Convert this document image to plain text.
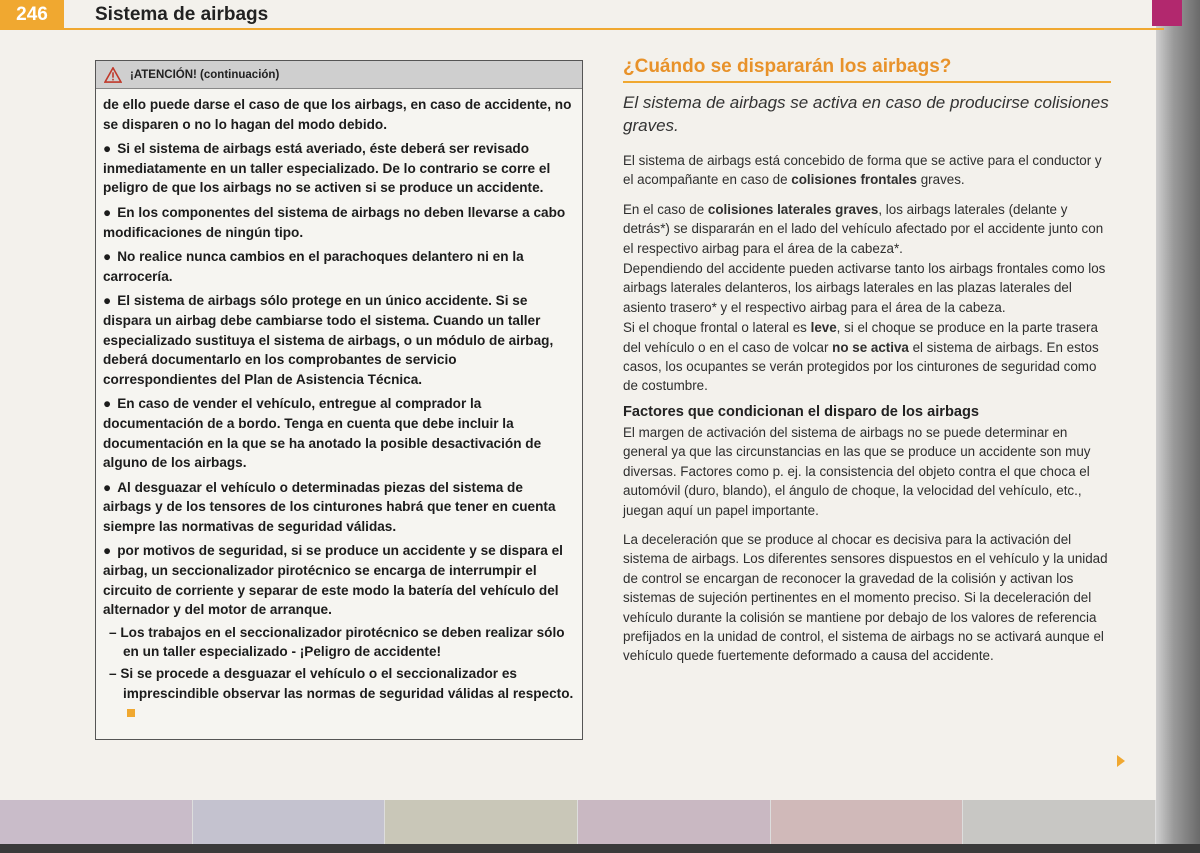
246	Sistema de airbags
¡ATENCIÓN! (continuación)

de ello puede darse el caso de que los airbags, en caso de accidente, no se disparen o no lo hagan del modo debido.

● Si el sistema de airbags está averiado, éste deberá ser revisado inmediatamente en un taller especializado. De lo contrario se corre el peligro de que los airbags no se activen si se produce un accidente.

● En los componentes del sistema de airbags no deben llevarse a cabo modificaciones de ningún tipo.

● No realice nunca cambios en el parachoques delantero ni en la carrocería.

● El sistema de airbags sólo protege en un único accidente. Si se dispara un airbag debe cambiarse todo el sistema. Cuando un taller especializado sustituya el sistema de airbags, o un módulo de airbag, deberá documentarlo en los comprobantes de servicio correspondientes del Plan de Asistencia Técnica.

● En caso de vender el vehículo, entregue al comprador la documentación de a bordo. Tenga en cuenta que debe incluir la documentación en la que se ha anotado la posible desactivación de alguno de los airbags.

● Al desguazar el vehículo o determinadas piezas del sistema de airbags y de los tensores de los cinturones habrá que tener en cuenta siempre las normativas de seguridad válidas.

● por motivos de seguridad, si se produce un accidente y se dispara el airbag, un seccionalizador pirotécnico se encarga de interrumpir el circuito de corriente y separar de este modo la batería del vehículo del alternador y del motor de arranque.

– Los trabajos en el seccionalizador pirotécnico se deben realizar sólo en un taller especializado - ¡Peligro de accidente!

– Si se procede a desguazar el vehículo o el seccionalizador es imprescindible observar las normas de seguridad válidas al respecto.

¿Cuándo se dispararán los airbags?
El sistema de airbags se activa en caso de producirse colisiones graves.

El sistema de airbags está concebido de forma que se active para el conductor y el acompañante en caso de colisiones frontales graves.

En el caso de colisiones laterales graves, los airbags laterales (delante y detrás*) se dispararán en el lado del vehículo afectado por el accidente junto con el respectivo airbag para el área de la cabeza*.

Dependiendo del accidente pueden activarse tanto los airbags frontales como los airbags laterales delanteros, los airbags laterales en las plazas laterales del asiento trasero* y el respectivo airbag para el área de la cabeza.

Si el choque frontal o lateral es leve, si el choque se produce en la parte trasera del vehículo o en el caso de volcar no se activa el sistema de airbags. En estos casos, los ocupantes se verán protegidos por los cinturones de seguridad como de costumbre.

Factores que condicionan el disparo de los airbags

El margen de activación del sistema de airbags no se puede determinar en general ya que las circunstancias en las que se produce un accidente son muy diversas. Factores como p. ej. la consistencia del objeto contra el que choca el automóvil (duro, blando), el ángulo de choque, la velocidad del vehículo, etc., juegan aquí un papel importante.

La deceleración que se produce al chocar es decisiva para la activación del sistema de airbags. Los diferentes sensores dispuestos en el vehículo y la unidad de control se encargan de reconocer la gravedad de la colisión y activan los sistemas de sujeción pertinentes en el momento preciso. Si la deceleración del vehículo durante la colisión se mantiene por debajo de los valores de referencia prefijados en la unidad de control, el sistema de airbags no se activará aunque el vehículo quede fuertemente deformado a causa del accidente.
